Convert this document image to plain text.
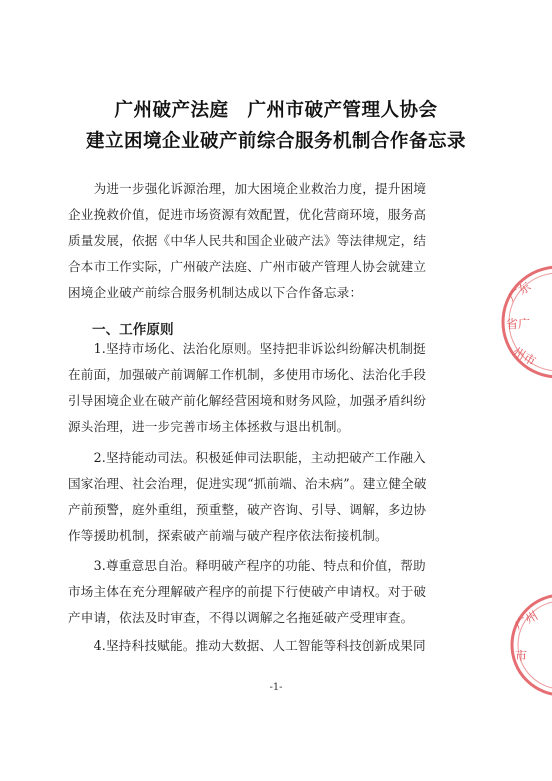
广州破产法庭　广州市破产管理人协会
建立困境企业破产前综合服务机制合作备忘录
　　为进一步强化诉源治理，加大困境企业救治力度，提升困境
企业挽救价值，促进市场资源有效配置，优化营商环境，服务高
质量发展，依据《中华人民共和国企业破产法》等法律规定，结
合本市工作实际，广州破产法庭、广州市破产管理人协会就建立
困境企业破产前综合服务机制达成以下合作备忘录：
一、工作原则
　　1.坚持市场化、法治化原则。坚持把非诉讼纠纷解决机制挺
在前面，加强破产前调解工作机制，多使用市场化、法治化手段
引导困境企业在破产前化解经营困境和财务风险，加强矛盾纠纷
源头治理，进一步完善市场主体拯救与退出机制。
　　2.坚持能动司法。积极延伸司法职能，主动把破产工作融入
国家治理、社会治理，促进实现“抓前端、治未病”。建立健全破
产前预警，庭外重组，预重整，破产咨询、引导、调解，多边协
作等援助机制，探索破产前端与破产程序依法衔接机制。
　　3.尊重意思自治。释明破产程序的功能、特点和价值，帮助
市场主体在充分理解破产程序的前提下行使破产申请权。对于破
产申请，依法及时审查，不得以调解之名拖延破产受理审查。
　　4.坚持科技赋能。推动大数据、人工智能等科技创新成果同
-1-
广东
省广
州市
广州
市
